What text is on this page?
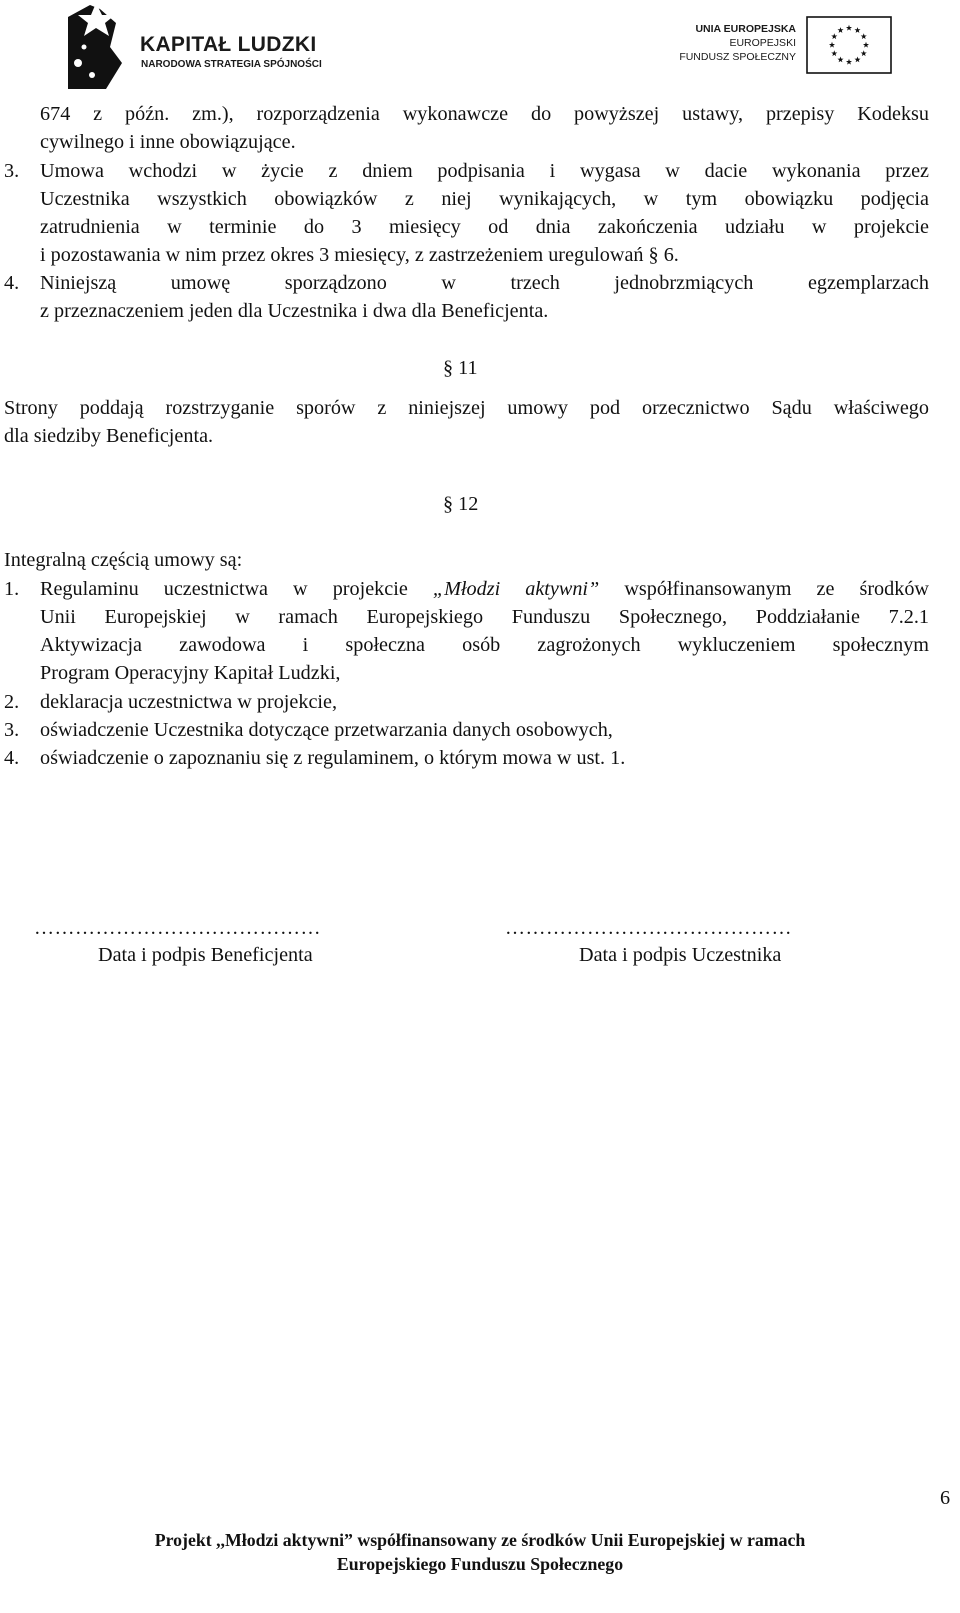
KAPITAŁ LUDZKI
NARODOWA STRATEGIA SPÓJNOŚCI
UNIA EUROPEJSKA
EUROPEJSKI
FUNDUSZ SPOŁECZNY
674 z późn. zm.), rozporządzenia wykonawcze do powyższej ustawy, przepisy Kodeksu
cywilnego i inne obowiązujące.
3. Umowa wchodzi w życie z dniem podpisania i wygasa w dacie wykonania przez
Uczestnika wszystkich obowiązków z niej wynikających, w tym obowiązku podjęcia
zatrudnienia w terminie do 3 miesięcy od dnia zakończenia udziału w projekcie
i pozostawania w nim przez okres 3 miesięcy, z zastrzeżeniem uregulowań § 6.
4. Niniejszą umowę sporządzono w trzech jednobrzmiących egzemplarzach
z przeznaczeniem jeden dla Uczestnika i dwa dla Beneficjenta.
§ 11
Strony poddają rozstrzyganie sporów z niniejszej umowy pod orzecznictwo Sądu właściwego
dla siedziby Beneficjenta.
§ 12
Integralną częścią umowy są:
1. Regulaminu uczestnictwa w projekcie „Młodzi aktywni” współfinansowanym ze środków
Unii Europejskiej w ramach Europejskiego Funduszu Społecznego, Poddziałanie 7.2.1
Aktywizacja zawodowa i społeczna osób zagrożonych wykluczeniem społecznym
Program Operacyjny Kapitał Ludzki,
2. deklaracja uczestnictwa w projekcie,
3. oświadczenie Uczestnika dotyczące przetwarzania danych osobowych,
4. oświadczenie o zapoznaniu się z regulaminem, o którym mowa w ust. 1.
……………………………………
Data i podpis Beneficjenta
……………………………………
Data i podpis Uczestnika
6
Projekt ,,Młodzi aktywni” współfinansowany ze środków Unii Europejskiej w ramach
Europejskiego Funduszu Społecznego
